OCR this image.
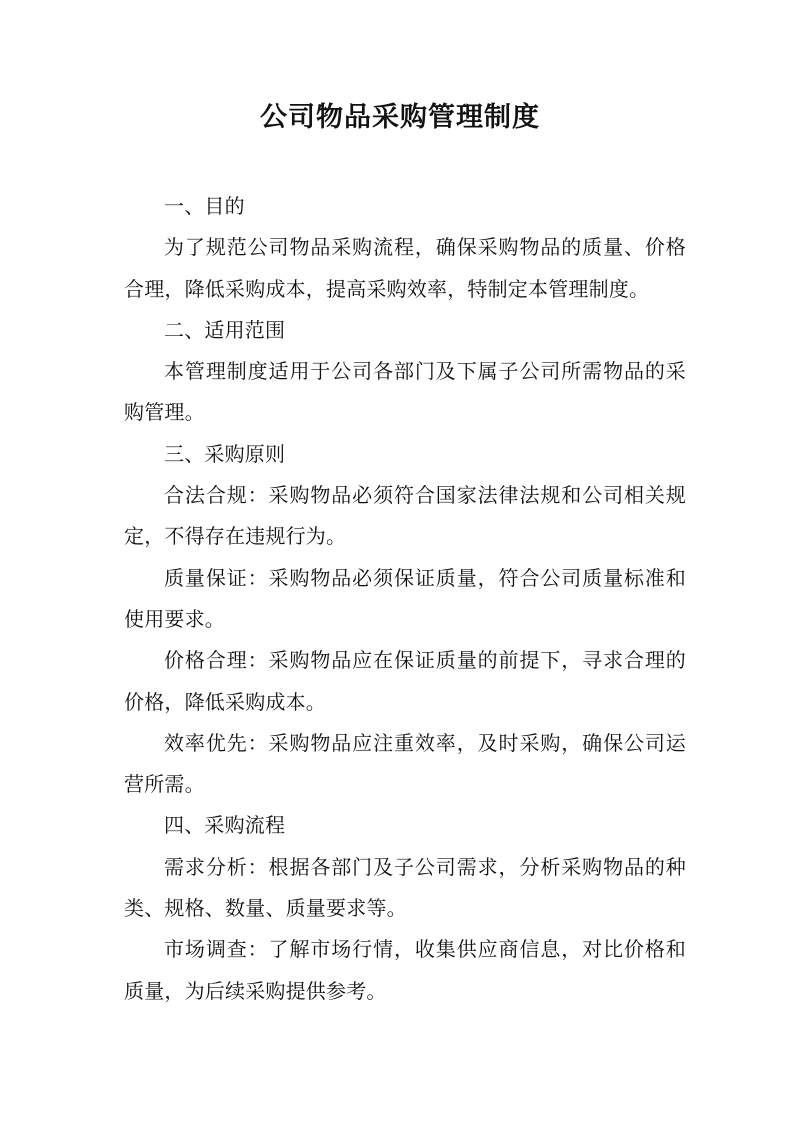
公司物品采购管理制度

一、目的

为了规范公司物品采购流程，确保采购物品的质量、价格合理，降低采购成本，提高采购效率，特制定本管理制度。

二、适用范围

本管理制度适用于公司各部门及下属子公司所需物品的采购管理。

三、采购原则

合法合规：采购物品必须符合国家法律法规和公司相关规定，不得存在违规行为。

质量保证：采购物品必须保证质量，符合公司质量标准和使用要求。

价格合理：采购物品应在保证质量的前提下，寻求合理的价格，降低采购成本。

效率优先：采购物品应注重效率，及时采购，确保公司运营所需。

四、采购流程

需求分析：根据各部门及子公司需求，分析采购物品的种类、规格、数量、质量要求等。

市场调查：了解市场行情，收集供应商信息，对比价格和质量，为后续采购提供参考。
